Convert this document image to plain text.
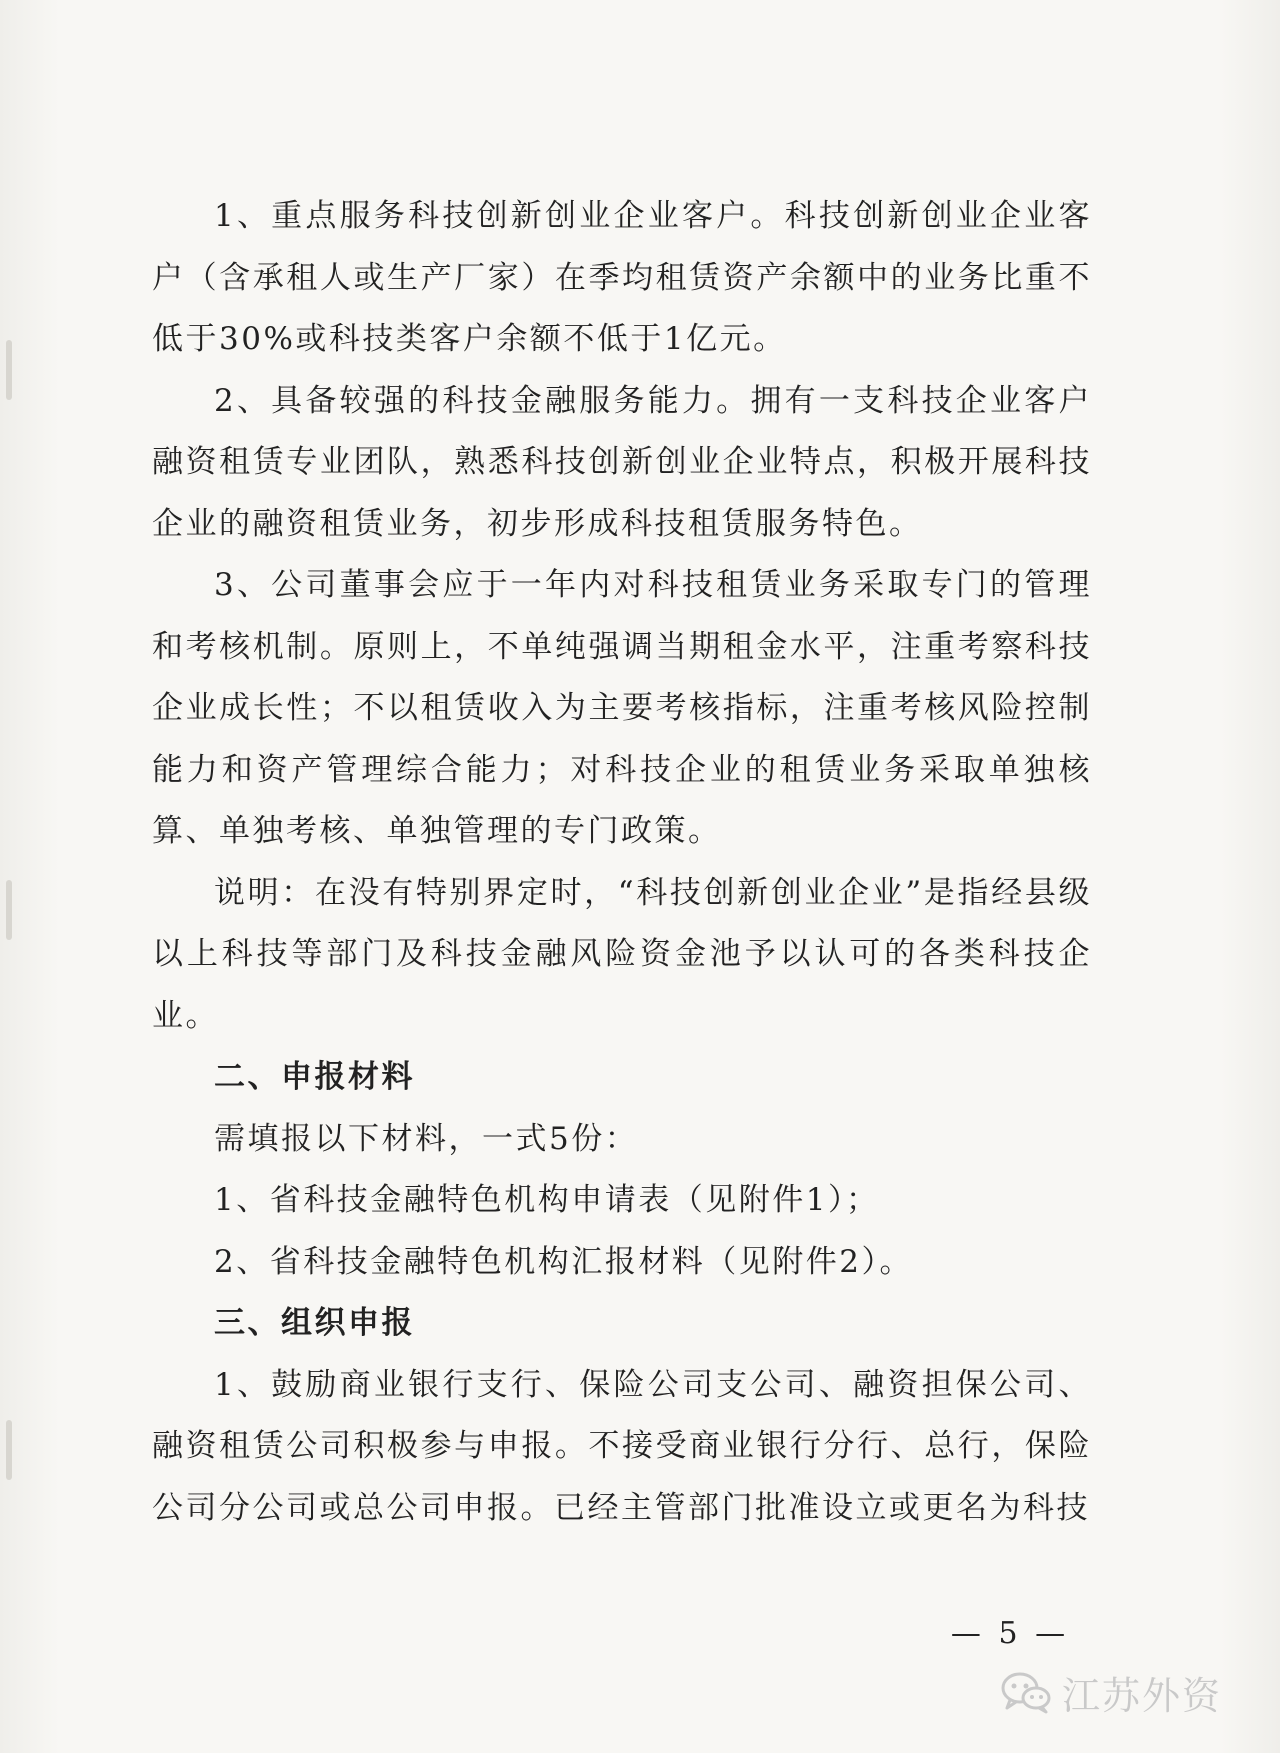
1、重点服务科技创新创业企业客户。科技创新创业企业客户（含承租人或生产厂家）在季均租赁资产余额中的业务比重不低于30%或科技类客户余额不低于1亿元。

2、具备较强的科技金融服务能力。拥有一支科技企业客户融资租赁专业团队，熟悉科技创新创业企业特点，积极开展科技企业的融资租赁业务，初步形成科技租赁服务特色。

3、公司董事会应于一年内对科技租赁业务采取专门的管理和考核机制。原则上，不单纯强调当期租金水平，注重考察科技企业成长性；不以租赁收入为主要考核指标，注重考核风险控制能力和资产管理综合能力；对科技企业的租赁业务采取单独核算、单独考核、单独管理的专门政策。

说明：在没有特别界定时，“科技创新创业企业”是指经县级以上科技等部门及科技金融风险资金池予以认可的各类科技企业。

二、申报材料

需填报以下材料，一式5份：

1、省科技金融特色机构申请表（见附件1）；

2、省科技金融特色机构汇报材料（见附件2）。

三、组织申报

1、鼓励商业银行支行、保险公司支公司、融资担保公司、融资租赁公司积极参与申报。不接受商业银行分行、总行，保险公司分公司或总公司申报。已经主管部门批准设立或更名为科技

— 5 —
江苏外资
